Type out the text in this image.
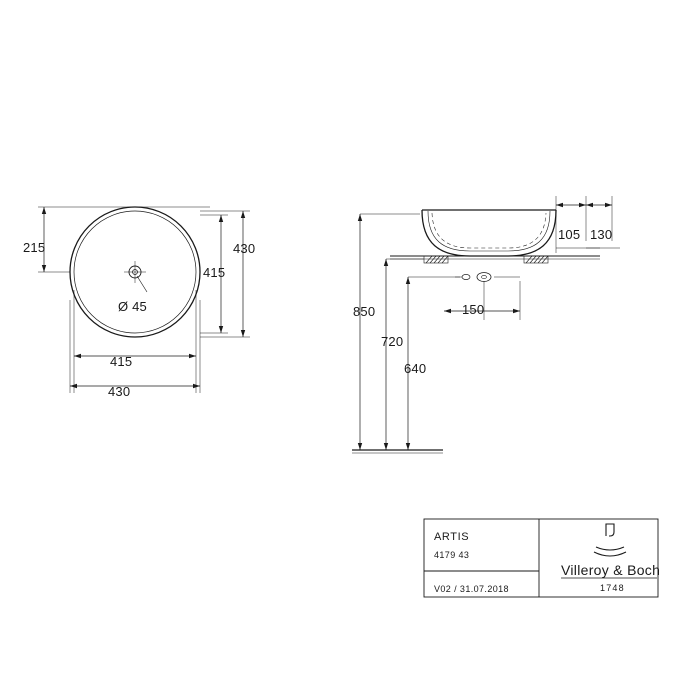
215	430
415
Ø 45
415
430
105 130
850
720
640
150
ARTIS
4179 43
V02 / 31.07.2018
Villeroy & Boch
1748
